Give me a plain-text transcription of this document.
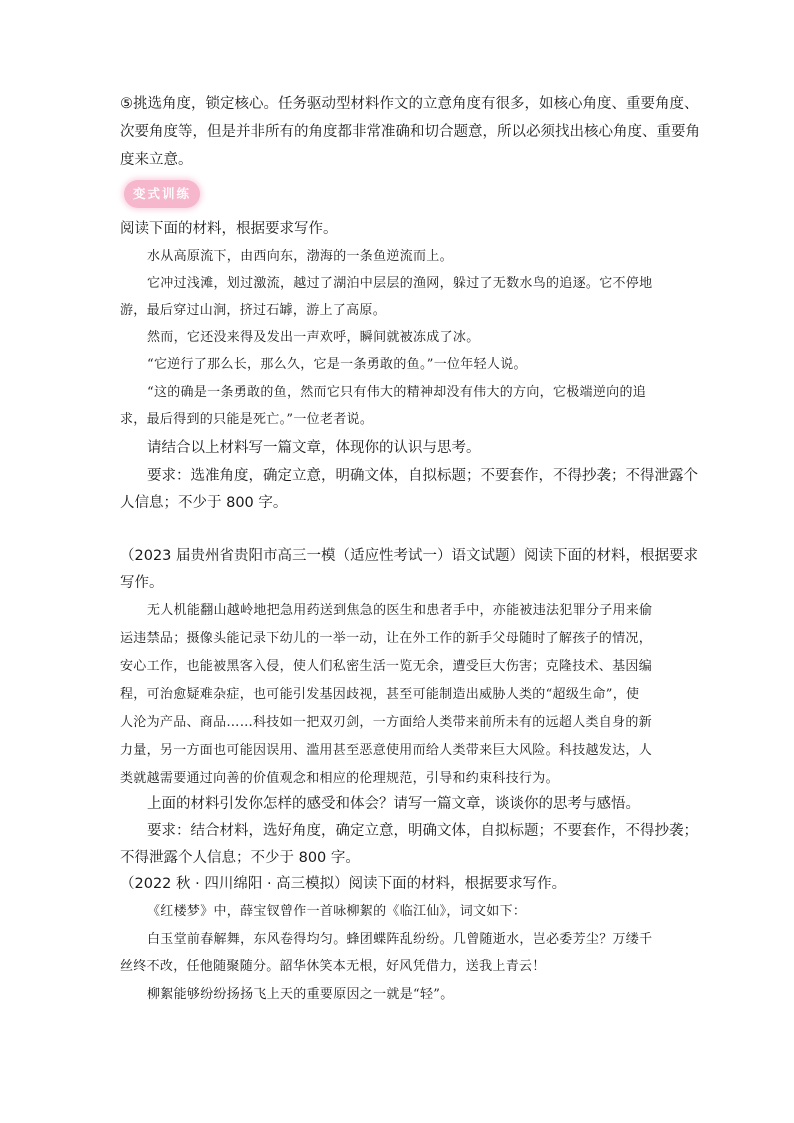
⑤挑选角度，锁定核心。任务驱动型材料作文的立意角度有很多，如核心角度、重要角度、
次要角度等，但是并非所有的角度都非常准确和切合题意，所以必须找出核心角度、重要角
度来立意。
变式训练
阅读下面的材料，根据要求写作。
水从高原流下，由西向东，渤海的一条鱼逆流而上。
它冲过浅滩，划过激流，越过了湖泊中层层的渔网，躲过了无数水鸟的追逐。它不停地
游，最后穿过山涧，挤过石罅，游上了高原。
然而，它还没来得及发出一声欢呼，瞬间就被冻成了冰。
“它逆行了那么长，那么久，它是一条勇敢的鱼。”一位年轻人说。
“这的确是一条勇敢的鱼，然而它只有伟大的精神却没有伟大的方向，它极端逆向的追
求，最后得到的只能是死亡。”一位老者说。
请结合以上材料写一篇文章，体现你的认识与思考。
要求：选准角度，确定立意，明确文体，自拟标题；不要套作，不得抄袭；不得泄露个
人信息；不少于 800 字。
（2023 届贵州省贵阳市高三一模（适应性考试一）语文试题）阅读下面的材料，根据要求
写作。
无人机能翻山越岭地把急用药送到焦急的医生和患者手中，亦能被违法犯罪分子用来偷
运违禁品；摄像头能记录下幼儿的一举一动，让在外工作的新手父母随时了解孩子的情况，
安心工作，也能被黑客入侵，使人们私密生活一览无余，遭受巨大伤害；克隆技术、基因编
程，可治愈疑难杂症，也可能引发基因歧视，甚至可能制造出威胁人类的“超级生命”，使
人沦为产品、商品……科技如一把双刃剑，一方面给人类带来前所未有的远超人类自身的新
力量，另一方面也可能因误用、滥用甚至恶意使用而给人类带来巨大风险。科技越发达，人
类就越需要通过向善的价值观念和相应的伦理规范，引导和约束科技行为。
上面的材料引发你怎样的感受和体会？请写一篇文章，谈谈你的思考与感悟。
要求：结合材料，选好角度，确定立意，明确文体，自拟标题；不要套作，不得抄袭；
不得泄露个人信息；不少于 800 字。
（2022 秋 · 四川绵阳 · 高三模拟）阅读下面的材料，根据要求写作。
《红楼梦》中，薛宝钗曾作一首咏柳絮的《临江仙》，词文如下：
白玉堂前春解舞，东风卷得均匀。蜂团蝶阵乱纷纷。几曾随逝水，岂必委芳尘？万缕千
丝终不改，任他随聚随分。韶华休笑本无根，好风凭借力，送我上青云！
柳絮能够纷纷扬扬飞上天的重要原因之一就是“轻”。
